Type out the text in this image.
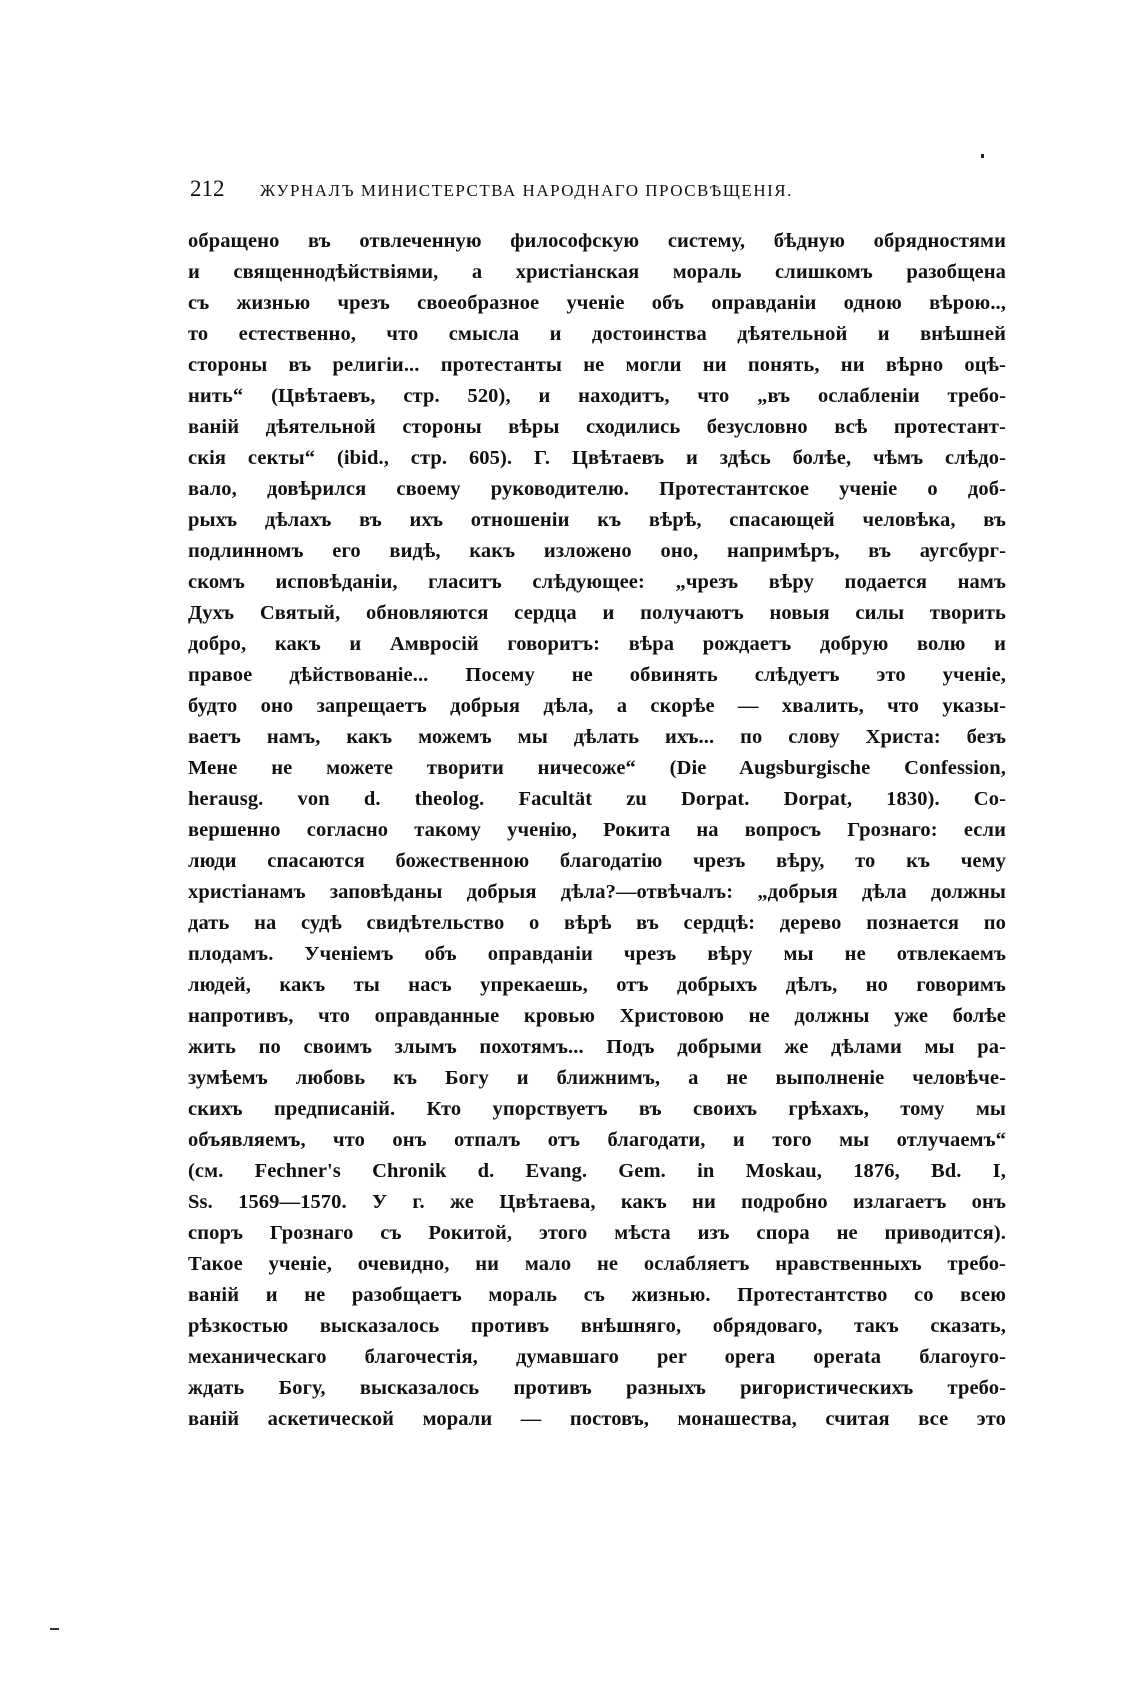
212 ЖУРНАЛЪ МИНИСТЕРСТВА НАРОДНАГО ПРОСВѢЩЕНІЯ.
обращено въ отвлеченную философскую систему, бѣдную обрядностями
и священнодѣйствіями, а христіанская мораль слишкомъ разобщена
съ жизнью чрезъ своеобразное ученіе объ оправданіи одною вѣрою..,
то естественно, что смысла и достоинства дѣятельной и внѣшней
стороны въ религіи... протестанты не могли ни понять, ни вѣрно оцѣ-
нить“ (Цвѣтаевъ, стр. 520), и находитъ, что „въ ослабленіи требо-
ваній дѣятельной стороны вѣры сходились безусловно всѣ протестант-
скія секты“ (ibid., стр. 605). Г. Цвѣтаевъ и здѣсь болѣе, чѣмъ слѣдо-
вало, довѣрился своему руководителю. Протестантское ученіе о доб-
рыхъ дѣлахъ въ ихъ отношеніи къ вѣрѣ, спасающей человѣка, въ
подлинномъ его видѣ, какъ изложено оно, напримѣръ, въ аугсбург-
скомъ исповѣданіи, гласитъ слѣдующее: „чрезъ вѣру подается намъ
Духъ Святый, обновляются сердца и получаютъ новыя силы творить
добро, какъ и Амвросій говоритъ: вѣра рождаетъ добрую волю и
правое дѣйствованіе... Посему не обвинять слѣдуетъ это ученіе,
будто оно запрещаетъ добрыя дѣла, а скорѣе — хвалить, что указы-
ваетъ намъ, какъ можемъ мы дѣлать ихъ... по слову Христа: безъ
Мене не можете творити ничесоже“ (Die Augsburgische Confession,
herausg. von d. theolog. Facultät zu Dorpat. Dorpat, 1830). Со-
вершенно согласно такому ученію, Рокита на вопросъ Грознаго: если
люди спасаются божественною благодатію чрезъ вѣру, то къ чему
христіанамъ заповѣданы добрыя дѣла?—отвѣчалъ: „добрыя дѣла должны
дать на судѣ свидѣтельство о вѣрѣ въ сердцѣ: дерево познается по
плодамъ. Ученіемъ объ оправданіи чрезъ вѣру мы не отвлекаемъ
людей, какъ ты насъ упрекаешь, отъ добрыхъ дѣлъ, но говоримъ
напротивъ, что оправданные кровью Христовою не должны уже болѣе
жить по своимъ злымъ похотямъ... Подъ добрыми же дѣлами мы ра-
зумѣемъ любовь къ Богу и ближнимъ, а не выполненіе человѣче-
скихъ предписаній. Кто упорствуетъ въ своихъ грѣхахъ, тому мы
объявляемъ, что онъ отпалъ отъ благодати, и того мы отлучаемъ“
(см. Fechner's Chronik d. Evang. Gem. in Moskau, 1876, Bd. I,
Ss. 1569—1570. У г. же Цвѣтаева, какъ ни подробно излагаетъ онъ
споръ Грознаго съ Рокитой, этого мѣста изъ спора не приводится).
Такое ученіе, очевидно, ни мало не ослабляетъ нравственныхъ требо-
ваній и не разобщаетъ мораль съ жизнью. Протестантство со всею
рѣзкостью высказалось противъ внѣшняго, обрядоваго, такъ сказать,
механическаго благочестія, думавшаго per opera operata благоуго-
ждать Богу, высказалось противъ разныхъ ригористическихъ требо-
ваній аскетической морали — постовъ, монашества, считая все это
